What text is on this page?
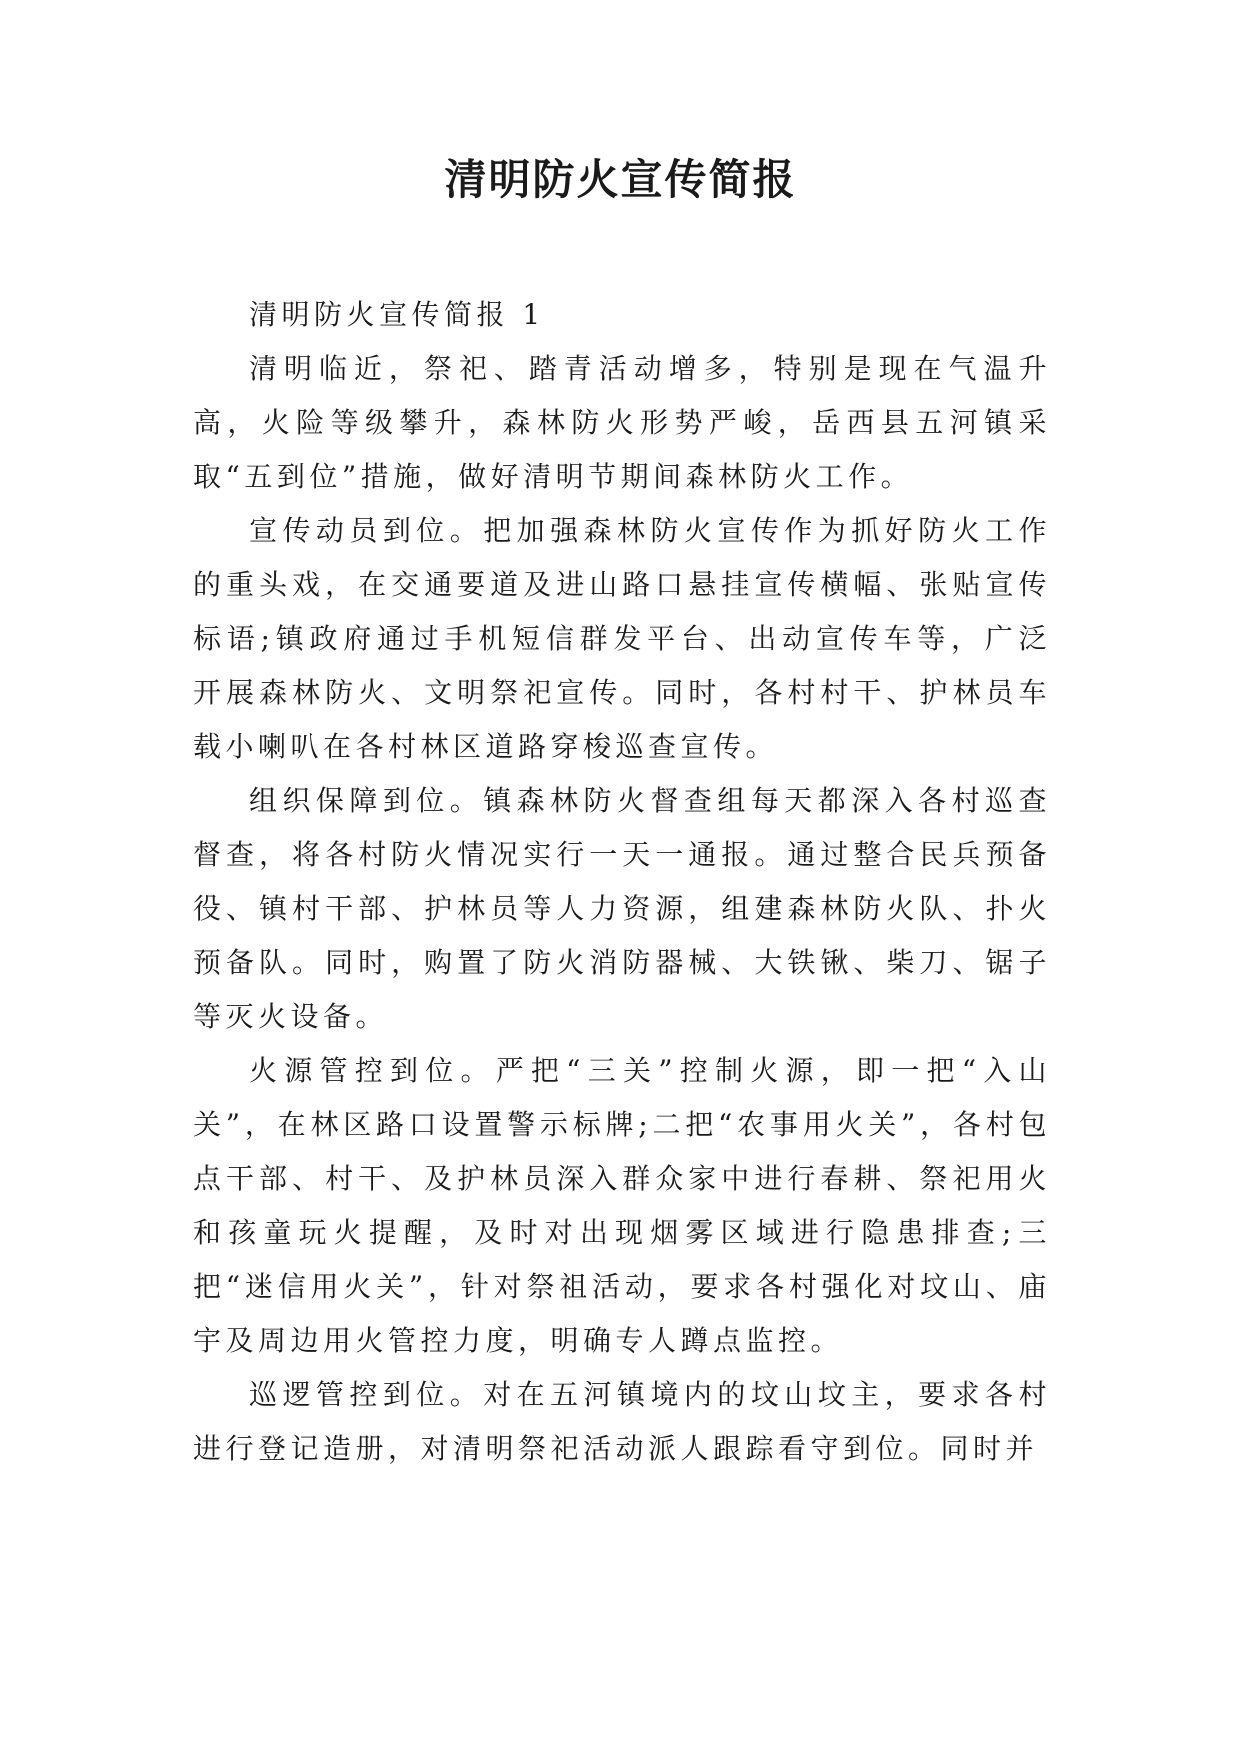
清明防火宣传简报

清明防火宣传简报 1

清明临近，祭祀、踏青活动增多，特别是现在气温升高，火险等级攀升，森林防火形势严峻，岳西县五河镇采取“五到位”措施，做好清明节期间森林防火工作。

宣传动员到位。把加强森林防火宣传作为抓好防火工作的重头戏，在交通要道及进山路口悬挂宣传横幅、张贴宣传标语;镇政府通过手机短信群发平台、出动宣传车等，广泛开展森林防火、文明祭祀宣传。同时，各村村干、护林员车载小喇叭在各村林区道路穿梭巡查宣传。

组织保障到位。镇森林防火督查组每天都深入各村巡查督查，将各村防火情况实行一天一通报。通过整合民兵预备役、镇村干部、护林员等人力资源，组建森林防火队、扑火预备队。同时，购置了防火消防器械、大铁锹、柴刀、锯子等灭火设备。

火源管控到位。严把“三关”控制火源，即一把“入山关”，在林区路口设置警示标牌;二把“农事用火关”，各村包点干部、村干、及护林员深入群众家中进行春耕、祭祀用火和孩童玩火提醒，及时对出现烟雾区域进行隐患排查;三把“迷信用火关”，针对祭祖活动，要求各村强化对坟山、庙宇及周边用火管控力度，明确专人蹲点监控。

巡逻管控到位。对在五河镇境内的坟山坟主，要求各村进行登记造册，对清明祭祀活动派人跟踪看守到位。同时并
